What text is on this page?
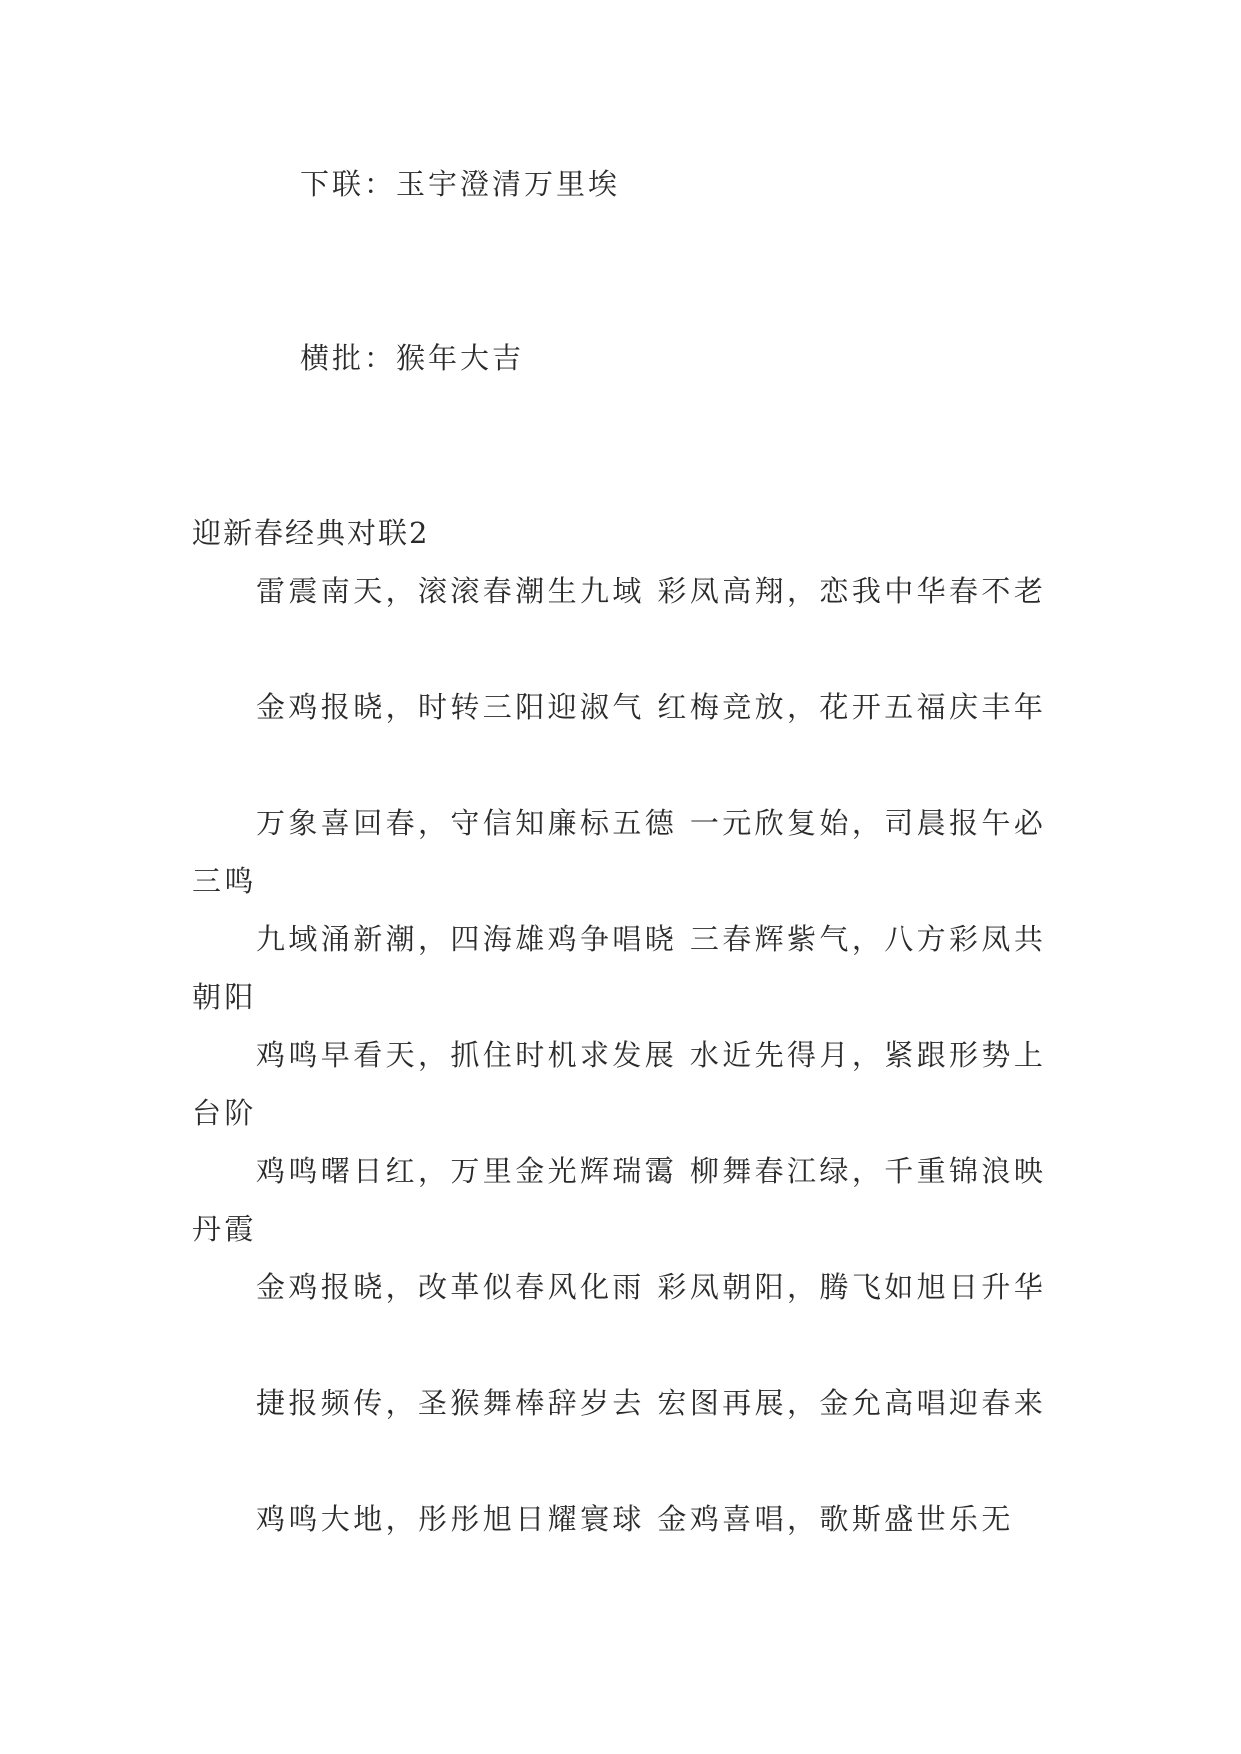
下联：玉宇澄清万里埃
横批：猴年大吉
迎新春经典对联2

雷震南天，滚滚春潮生九域 彩凤高翔，恋我中华春不老

金鸡报晓，时转三阳迎淑气 红梅竞放，花开五福庆丰年

万象喜回春，守信知廉标五德 一元欣复始，司晨报午必三鸣

九域涌新潮，四海雄鸡争唱晓 三春辉紫气，八方彩凤共朝阳

鸡鸣早看天，抓住时机求发展 水近先得月，紧跟形势上台阶

鸡鸣曙日红，万里金光辉瑞霭 柳舞春江绿，千重锦浪映丹霞

金鸡报晓，改革似春风化雨 彩凤朝阳，腾飞如旭日升华

捷报频传，圣猴舞棒辞岁去 宏图再展，金允高唱迎春来

鸡鸣大地，彤彤旭日耀寰球 金鸡喜唱，歌斯盛世乐无
